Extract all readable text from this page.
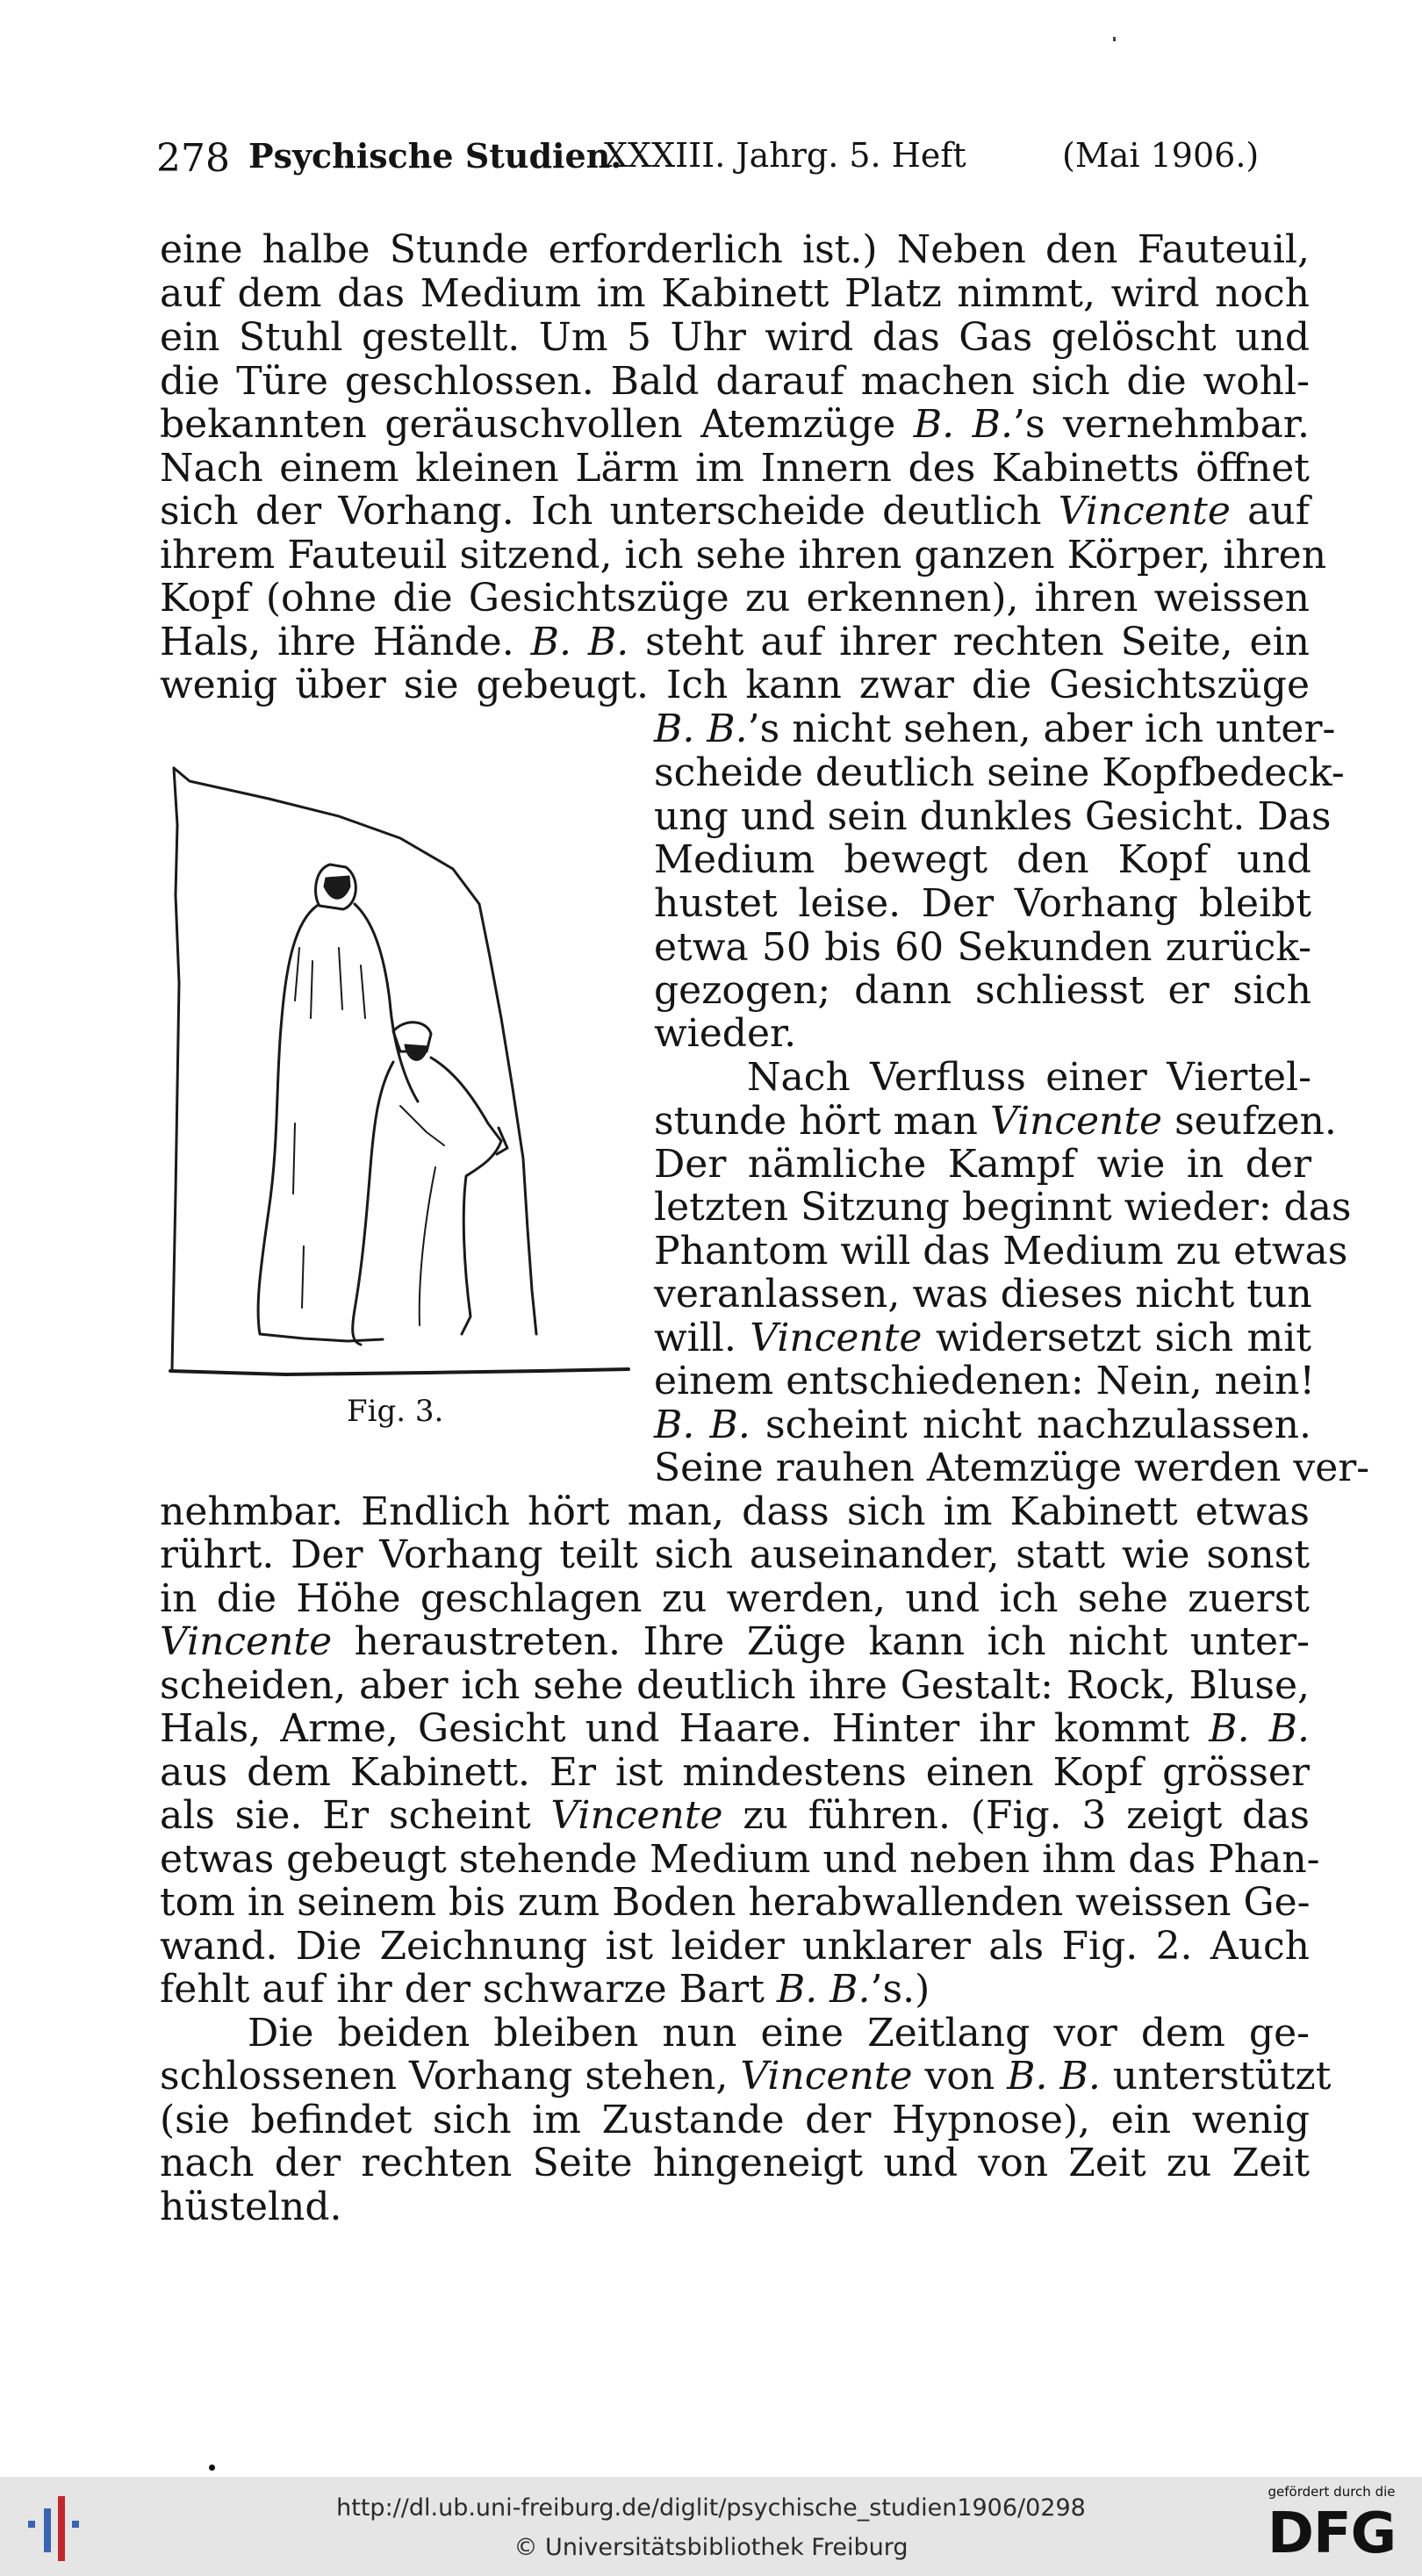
278 Psychische Studien.
XXXIII. Jahrg. 5. Heft	(Mai 1906.)
eine halbe Stunde erforderlich ist.) Neben den Fauteuil,
auf dem das Medium im Kabinett Platz nimmt, wird noch
ein Stuhl gestellt. Um 5 Uhr wird das Gas gelöscht und
die Türe geschlossen. Bald darauf machen sich die wohl-
bekannten geräuschvollen Atemzüge B. B.’s vernehmbar.
Nach einem kleinen Lärm im Innern des Kabinetts öffnet
sich der Vorhang. Ich unterscheide deutlich Vincente auf
ihrem Fauteuil sitzend, ich sehe ihren ganzen Körper, ihren
Kopf (ohne die Gesichtszüge zu erkennen), ihren weissen
Hals, ihre Hände. B. B. steht auf ihrer rechten Seite, ein
wenig über sie gebeugt. Ich kann zwar die Gesichtszüge
B. B.’s nicht sehen, aber ich unter-
scheide deutlich seine Kopfbedeck-
ung und sein dunkles Gesicht. Das
Medium bewegt den Kopf und
hustet leise. Der Vorhang bleibt
etwa 50 bis 60 Sekunden zurück-
gezogen; dann schliesst er sich
wieder.
Nach Verfluss einer Viertel-
stunde hört man Vincente seufzen.
Der nämliche Kampf wie in der
letzten Sitzung beginnt wieder: das
Phantom will das Medium zu etwas
veranlassen, was dieses nicht tun
will. Vincente widersetzt sich mit
einem entschiedenen: Nein, nein!
B. B. scheint nicht nachzulassen.
Seine rauhen Atemzüge werden ver-
nehmbar. Endlich hört man, dass sich im Kabinett etwas
rührt. Der Vorhang teilt sich auseinander, statt wie sonst
in die Höhe geschlagen zu werden, und ich sehe zuerst
Vincente heraustreten. Ihre Züge kann ich nicht unter-
scheiden, aber ich sehe deutlich ihre Gestalt: Rock, Bluse,
Hals, Arme, Gesicht und Haare. Hinter ihr kommt B. B.
aus dem Kabinett. Er ist mindestens einen Kopf grösser
als sie. Er scheint Vincente zu führen. (Fig. 3 zeigt das
etwas gebeugt stehende Medium und neben ihm das Phan-
tom in seinem bis zum Boden herabwallenden weissen Ge-
wand. Die Zeichnung ist leider unklarer als Fig. 2. Auch
fehlt auf ihr der schwarze Bart B. B.’s.)
Die beiden bleiben nun eine Zeitlang vor dem ge-
schlossenen Vorhang stehen, Vincente von B. B. unterstützt
(sie befindet sich im Zustande der Hypnose), ein wenig
nach der rechten Seite hingeneigt und von Zeit zu Zeit
hüstelnd.
Fig. 3.
http://dl.ub.uni-freiburg.de/diglit/psychische_studien1906/0298
© Universitätsbibliothek Freiburg
gefördert durch die
DFG
